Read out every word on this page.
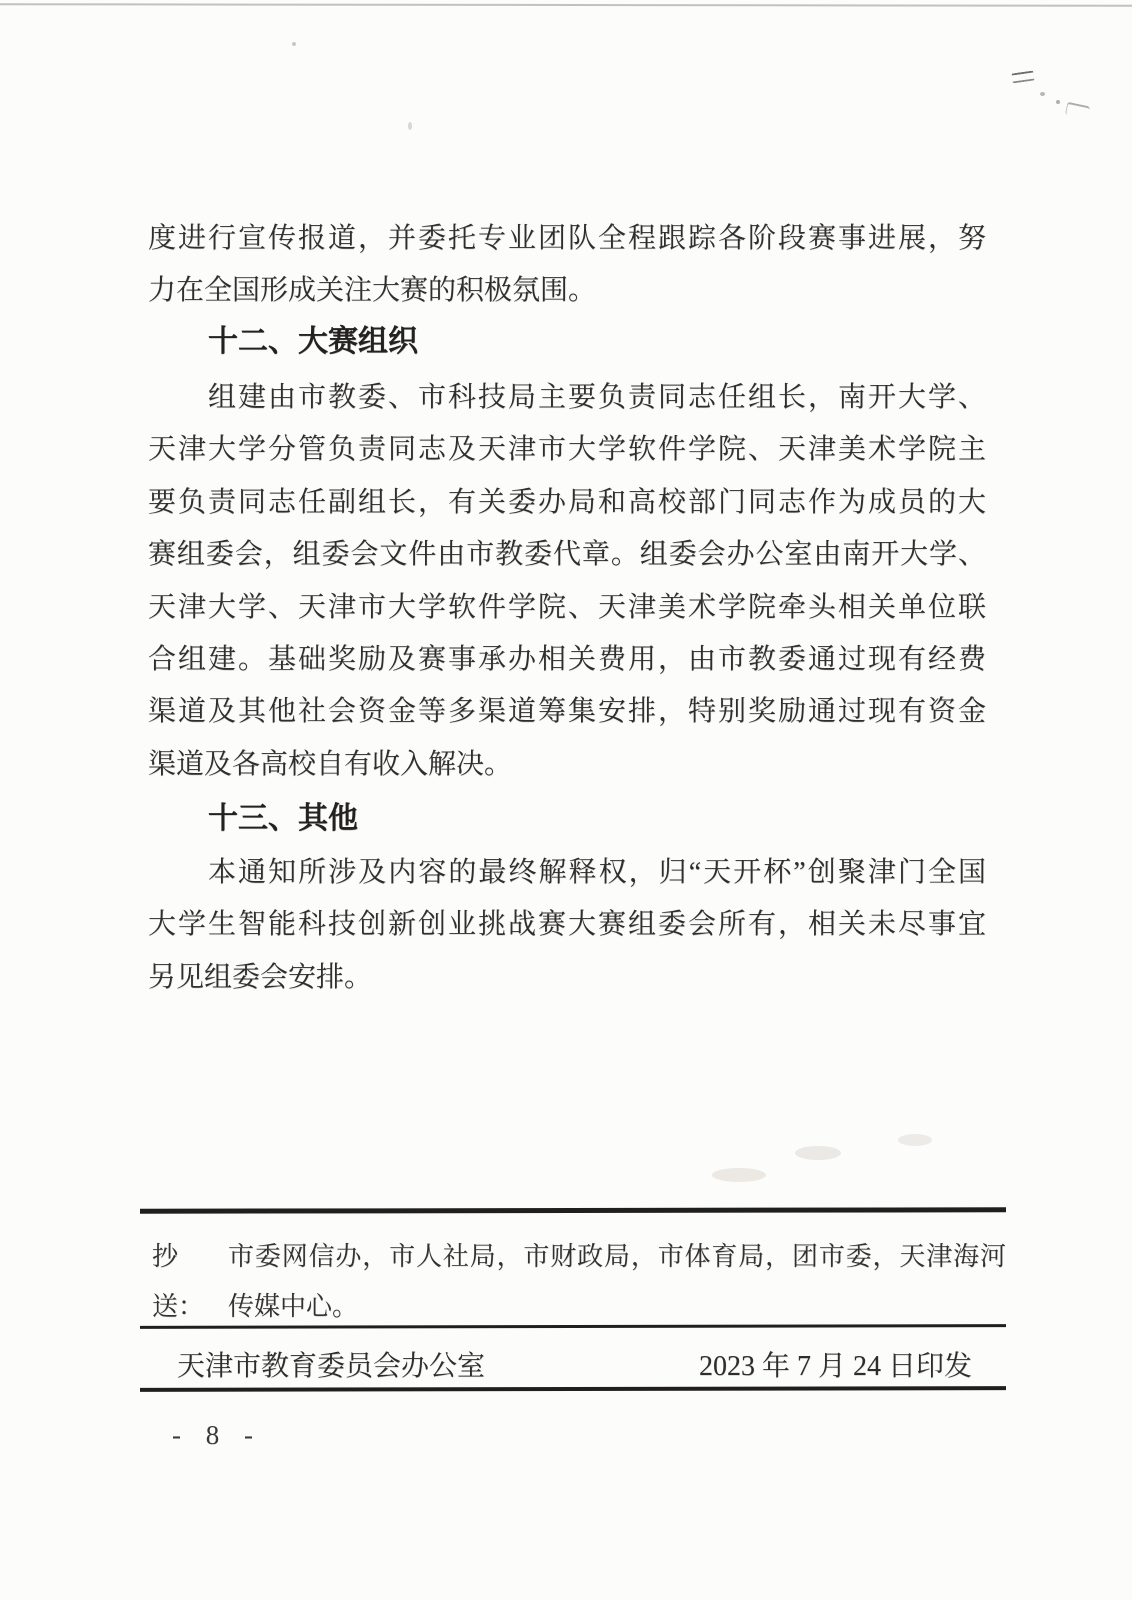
度进行宣传报道，并委托专业团队全程跟踪各阶段赛事进展，努
力在全国形成关注大赛的积极氛围。
十二、大赛组织
组建由市教委、市科技局主要负责同志任组长，南开大学、
天津大学分管负责同志及天津市大学软件学院、天津美术学院主
要负责同志任副组长，有关委办局和高校部门同志作为成员的大
赛组委会，组委会文件由市教委代章。组委会办公室由南开大学、
天津大学、天津市大学软件学院、天津美术学院牵头相关单位联
合组建。基础奖励及赛事承办相关费用，由市教委通过现有经费
渠道及其他社会资金等多渠道筹集安排，特别奖励通过现有资金
渠道及各高校自有收入解决。
十三、其他
本通知所涉及内容的最终解释权，归“天开杯”创聚津门全国
大学生智能科技创新创业挑战赛大赛组委会所有，相关未尽事宜
另见组委会安排。
抄送：
市委网信办，市人社局，市财政局，市体育局，团市委，天津海河
传媒中心。
天津市教育委员会办公室	2023 年 7 月 24 日印发
- 8 -
